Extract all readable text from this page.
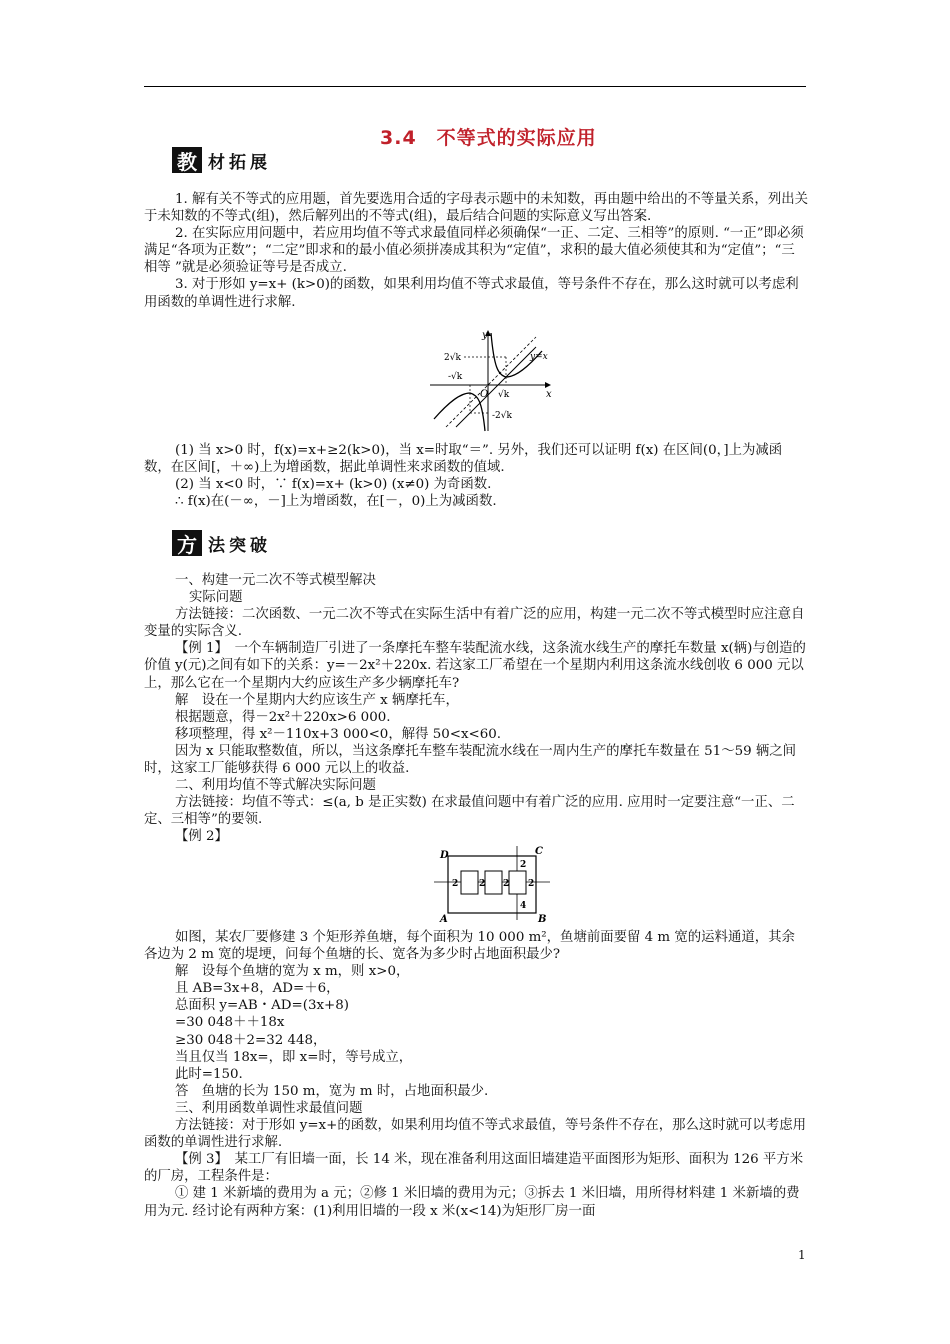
3.4　不等式的实际应用
教 材拓展

1. 解有关不等式的应用题，首先要选用合适的字母表示题中的未知数，再由题中给出的不等量关系，列出关于未知数的不等式(组)，然后解列出的不等式(组)，最后结合问题的实际意义写出答案.

2. 在实际应用问题中，若应用均值不等式求最值同样必须确保“一正、二定、三相等”的原则. “一正”即必须满足“各项为正数”；“二定”即求和的最小值必须拼凑成其积为“定值”，求积的最大值必须使其和为“定值”；“三相等 ”就是必须验证等号是否成立.

3. 对于形如 y=x+ (k>0)的函数，如果利用均值不等式求最值，等号条件不存在，那么这时就可以考虑利用函数的单调性进行求解.

y
x
y=x
2√k
-√k
O √k
-2√k

(1) 当 x>0 时，f(x)=x+≥2(k>0)，当 x=时取“＝”. 另外，我们还可以证明 f(x) 在区间(0，]上为减函数，在区间[，＋∞)上为增函数，据此单调性来求函数的值域.

(2) 当 x<0 时，∵ f(x)=x+ (k>0) (x≠0) 为奇函数.

∴ f(x)在(－∞，－]上为增函数，在[－，0)上为减函数.

方 法突破

一、构建一元二次不等式模型解决

实际问题

方法链接：二次函数、一元二次不等式在实际生活中有着广泛的应用，构建一元二次不等式模型时应注意自变量的实际含义.

【例 1】　一个车辆制造厂引进了一条摩托车整车装配流水线，这条流水线生产的摩托车数量 x(辆)与创造的价值 y(元)之间有如下的关系：y=－2x²＋220x. 若这家工厂希望在一个星期内利用这条流水线创收 6 000 元以上，那么它在一个星期内大约应该生产多少辆摩托车?

解　设在一个星期内大约应该生产 x 辆摩托车，

根据题意，得－2x²＋220x>6 000.

移项整理，得 x²－110x+3 000<0，解得 50<x<60.

因为 x 只能取整数值，所以，当这条摩托车整车装配流水线在一周内生产的摩托车数量在 51～59 辆之间时，这家工厂能够获得 6 000 元以上的收益.

二、利用均值不等式解决实际问题

方法链接：均值不等式：≤(a, b 是正实数) 在求最值问题中有着广泛的应用. 应用时一定要注意“一正、二定、三相等”的要领.

【例 2】

D	C
A	B
2 2 2 2
2
4

如图，某农厂要修建 3 个矩形养鱼塘，每个面积为 10 000 m²，鱼塘前面要留 4 m 宽的运料通道，其余各边为 2 m 宽的堤埂，问每个鱼塘的长、宽各为多少时占地面积最少?

解　设每个鱼塘的宽为 x m，则 x>0，

且 AB=3x+8，AD=＋6，

总面积 y=AB・AD=(3x+8)

=30 048＋＋18x

≥30 048＋2=32 448，

当且仅当 18x=，即 x=时，等号成立，

此时=150.

答　鱼塘的长为 150 m，宽为 m 时，占地面积最少.

三、利用函数单调性求最值问题

方法链接：对于形如 y=x+的函数，如果利用均值不等式求最值，等号条件不存在，那么这时就可以考虑用函数的单调性进行求解.

【例 3】　某工厂有旧墙一面，长 14 米，现在准备利用这面旧墙建造平面图形为矩形、面积为 126 平方米的厂房，工程条件是：

① 建 1 米新墙的费用为 a 元；②修 1 米旧墙的费用为元；③拆去 1 米旧墙，用所得材料建 1 米新墙的费用为元. 经讨论有两种方案：(1)利用旧墙的一段 x 米(x<14)为矩形厂房一面

1
